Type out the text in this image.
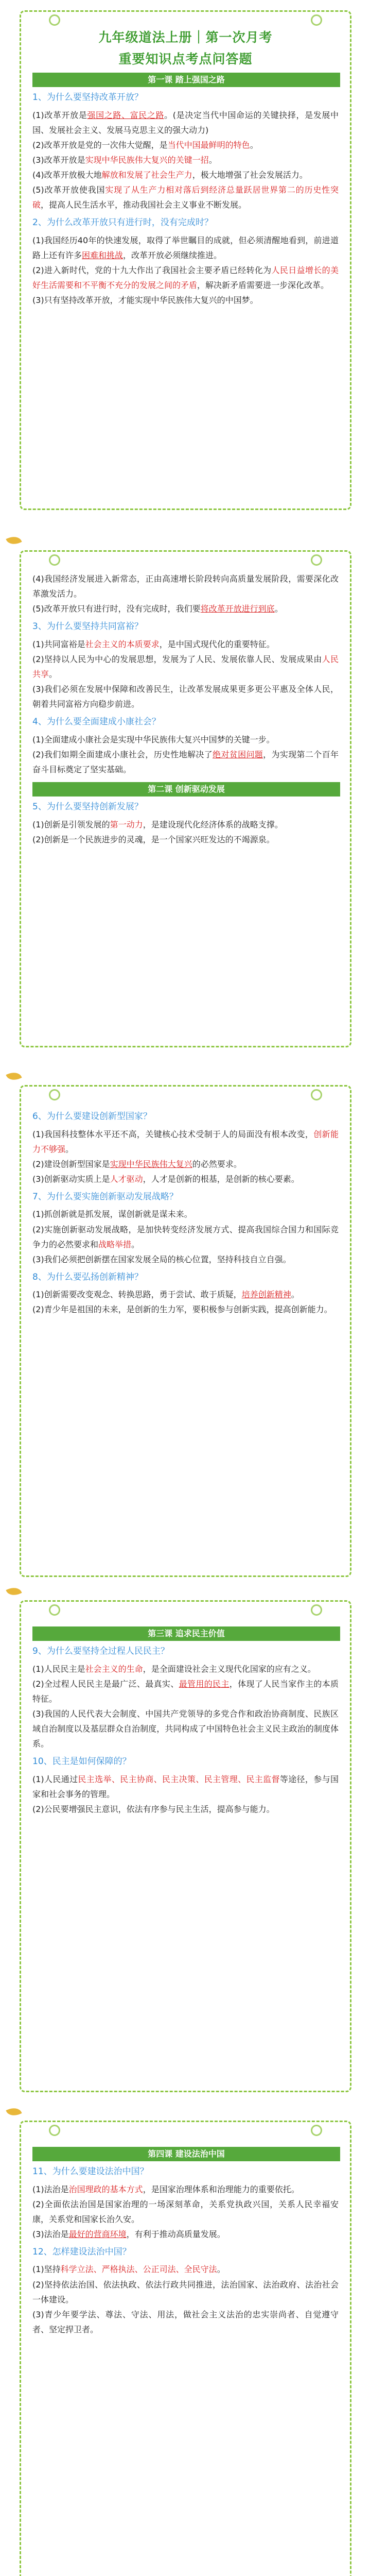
九年级道法上册｜第一次月考
重要知识点考点问答题
第一课 踏上强国之路
1、为什么要坚持改革开放？
(1)改革开放是强国之路、富民之路。(是决定当代中国命运的关键抉择，是发展中国、发展社会主义、发展马克思主义的强大动力)
(2)改革开放是党的一次伟大觉醒，是当代中国最鲜明的特色。
(3)改革开放是实现中华民族伟大复兴的关键一招。
(4)改革开放极大地解放和发展了社会生产力，极大地增强了社会发展活力。
(5)改革开放使我国实现了从生产力相对落后到经济总量跃居世界第二的历史性突破，提高人民生活水平，推动我国社会主义事业不断发展。
2、为什么改革开放只有进行时，没有完成时？
(1)我国经历40年的快速发展，取得了举世瞩目的成就，但必须清醒地看到，前进道路上还有许多困难和挑战，改革开放必须继续推进。
(2)进入新时代，党的十九大作出了我国社会主要矛盾已经转化为人民日益增长的美好生活需要和不平衡不充分的发展之间的矛盾，解决新矛盾需要进一步深化改革。
(3)只有坚持改革开放，才能实现中华民族伟大复兴的中国梦。
(4)我国经济发展进入新常态，正由高速增长阶段转向高质量发展阶段，需要深化改革激发活力。
(5)改革开放只有进行时，没有完成时，我们要将改革开放进行到底。
3、为什么要坚持共同富裕？
(1)共同富裕是社会主义的本质要求，是中国式现代化的重要特征。
(2)坚持以人民为中心的发展思想，发展为了人民、发展依靠人民、发展成果由人民共享。
(3)我们必须在发展中保障和改善民生，让改革发展成果更多更公平惠及全体人民，朝着共同富裕方向稳步前进。
4、为什么要全面建成小康社会？
(1)全面建成小康社会是实现中华民族伟大复兴中国梦的关键一步。
(2)我们如期全面建成小康社会，历史性地解决了绝对贫困问题，为实现第二个百年奋斗目标奠定了坚实基础。
第二课 创新驱动发展
5、为什么要坚持创新发展？
(1)创新是引领发展的第一动力，是建设现代化经济体系的战略支撑。
(2)创新是一个民族进步的灵魂，是一个国家兴旺发达的不竭源泉。
6、为什么要建设创新型国家？
(1)我国科技整体水平还不高，关键核心技术受制于人的局面没有根本改变，创新能力不够强。
(2)建设创新型国家是实现中华民族伟大复兴的必然要求。
(3)创新驱动实质上是人才驱动，人才是创新的根基，是创新的核心要素。
7、为什么要实施创新驱动发展战略？
(1)抓创新就是抓发展，谋创新就是谋未来。
(2)实施创新驱动发展战略，是加快转变经济发展方式、提高我国综合国力和国际竞争力的必然要求和战略举措。
(3)我们必须把创新摆在国家发展全局的核心位置，坚持科技自立自强。
8、为什么要弘扬创新精神？
(1)创新需要改变观念、转换思路，勇于尝试、敢于质疑，培养创新精神。
(2)青少年是祖国的未来，是创新的生力军，要积极参与创新实践，提高创新能力。
第三课 追求民主价值
9、为什么要坚持全过程人民民主？
(1)人民民主是社会主义的生命，是全面建设社会主义现代化国家的应有之义。
(2)全过程人民民主是最广泛、最真实、最管用的民主，体现了人民当家作主的本质特征。
(3)我国的人民代表大会制度、中国共产党领导的多党合作和政治协商制度、民族区域自治制度以及基层群众自治制度，共同构成了中国特色社会主义民主政治的制度体系。
10、民主是如何保障的？
(1)人民通过民主选举、民主协商、民主决策、民主管理、民主监督等途径，参与国家和社会事务的管理。
(2)公民要增强民主意识，依法有序参与民主生活，提高参与能力。
第四课 建设法治中国
11、为什么要建设法治中国？
(1)法治是治国理政的基本方式，是国家治理体系和治理能力的重要依托。
(2)全面依法治国是国家治理的一场深刻革命，关系党执政兴国，关系人民幸福安康，关系党和国家长治久安。
(3)法治是最好的营商环境，有利于推动高质量发展。
12、怎样建设法治中国？
(1)坚持科学立法、严格执法、公正司法、全民守法。
(2)坚持依法治国、依法执政、依法行政共同推进，法治国家、法治政府、法治社会一体建设。
(3)青少年要学法、尊法、守法、用法，做社会主义法治的忠实崇尚者、自觉遵守者、坚定捍卫者。
